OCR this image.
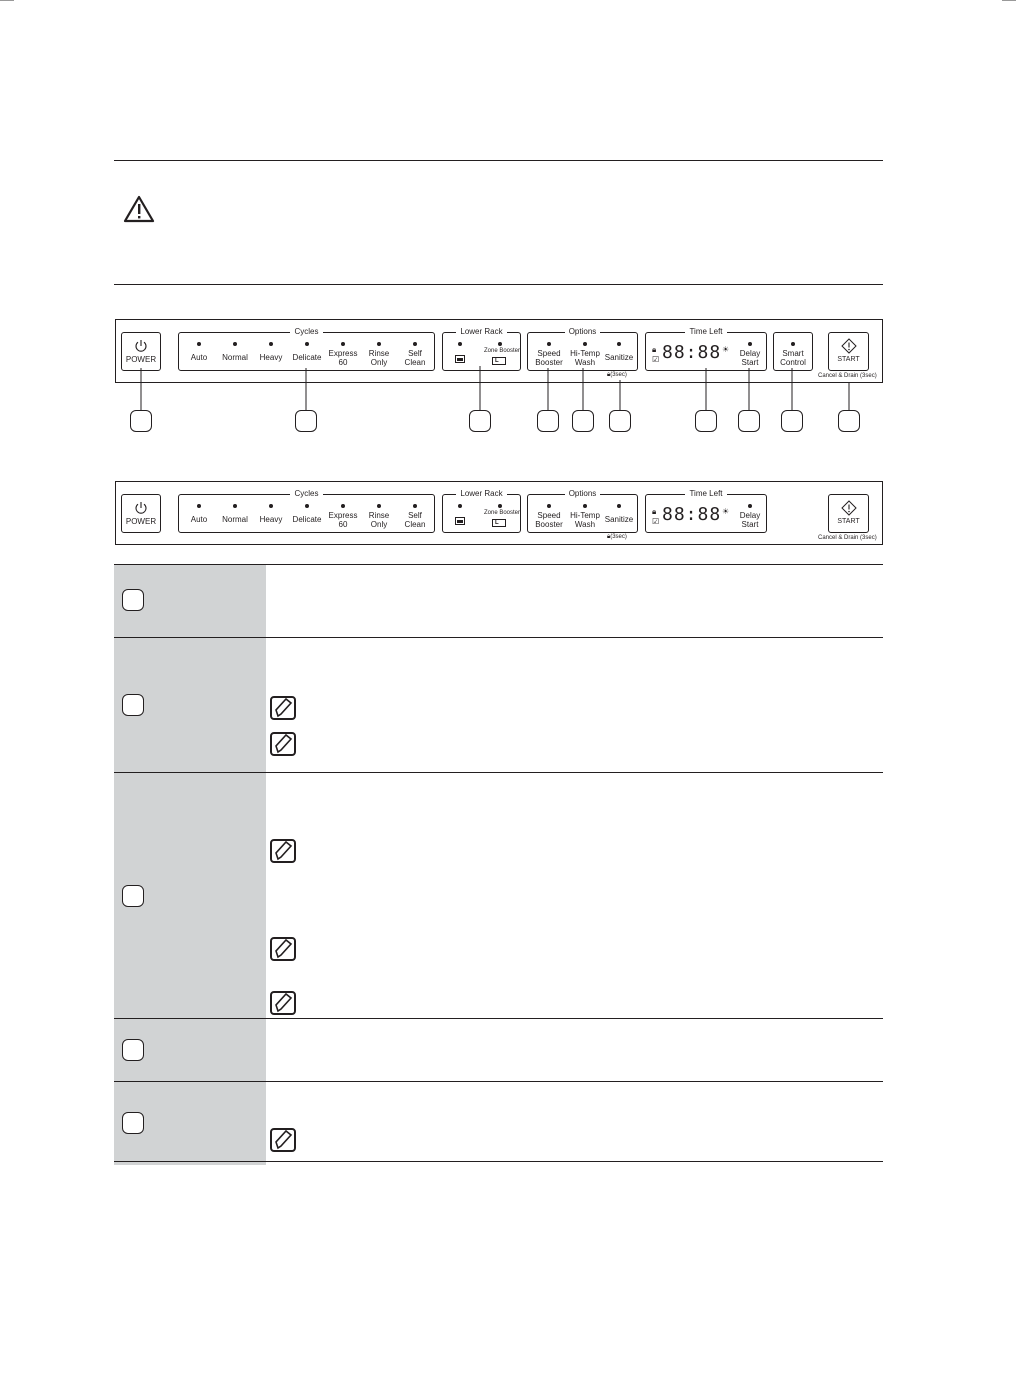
POWER
Cycles
Auto	Normal	Heavy	Delicate Express
60
Rinse
Only
Self
Clean
Lower Rack
Zone Booster
L
Options
Speed
Booster
Hi-Temp
Wash
Sanitize
🔒︎(3sec)
Time Left
🔒︎
☑ 88:88 ☀	Delay
Start
Smart
Control	START
Cancel & Drain (3sec)
POWER
Cycles
Auto	Normal	Heavy	Delicate Express
60
Rinse
Only
Self
Clean
Lower Rack
Zone Booster
L
Options
Speed
Booster
Hi-Temp
Wash
Sanitize
🔒︎(3sec)
Time Left
🔒︎
☑ 88:88 ☀	Delay
Start	START
Cancel & Drain (3sec)
